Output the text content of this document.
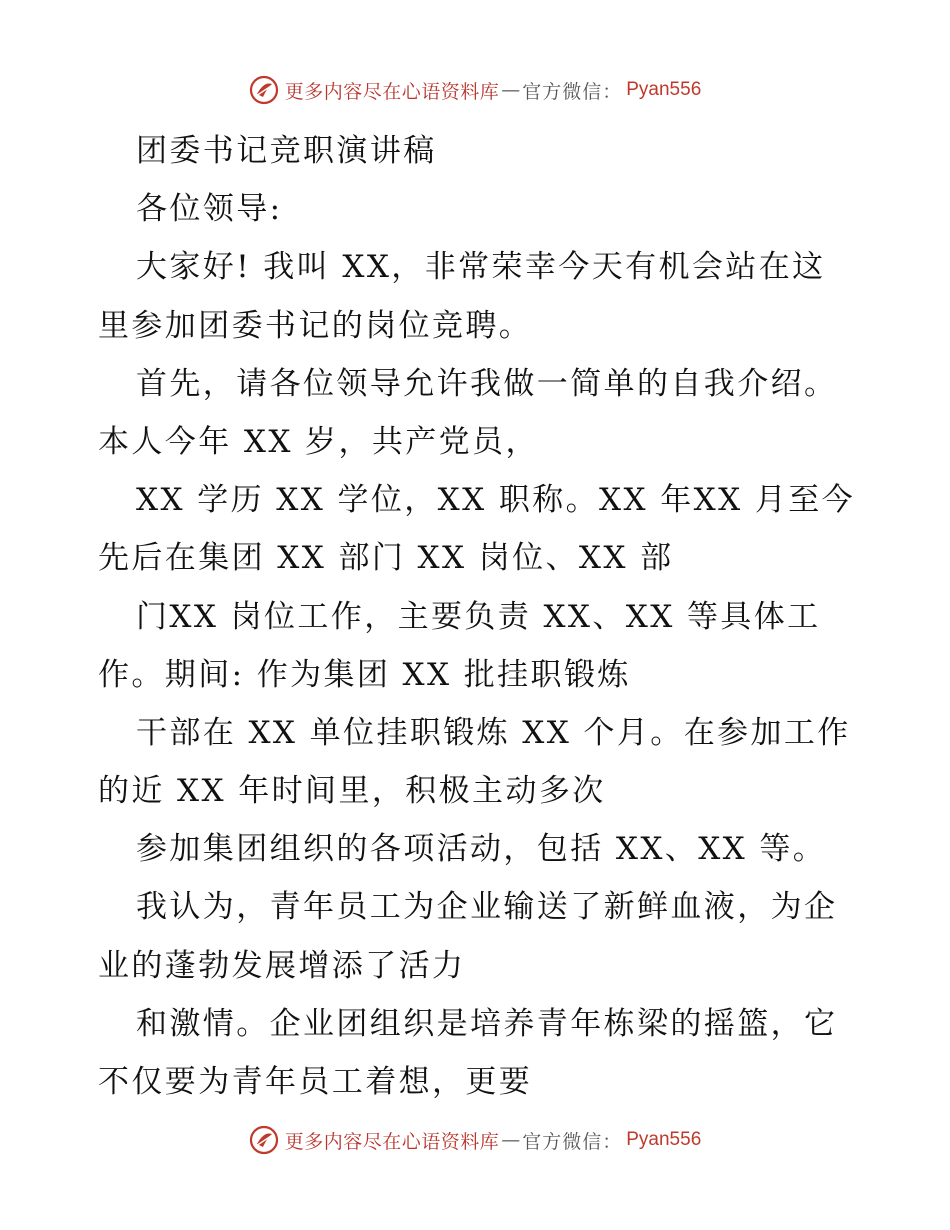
更多内容尽在心语资料库 — 官方微信： Pyan556
团委书记竞职演讲稿
各位领导:
大家好! 我叫 XX，非常荣幸今天有机会站在这
里参加团委书记的岗位竞聘。
首先，请各位领导允许我做一简单的自我介绍。
本人今年 XX 岁，共产党员，
XX 学历 XX 学位，XX 职称。XX 年XX 月至今
先后在集团 XX 部门 XX 岗位、XX 部
门XX 岗位工作，主要负责 XX、XX 等具体工
作。期间: 作为集团 XX 批挂职锻炼
干部在 XX 单位挂职锻炼 XX 个月。在参加工作
的近 XX 年时间里，积极主动多次
参加集团组织的各项活动，包括 XX、XX 等。
我认为，青年员工为企业输送了新鲜血液，为企
业的蓬勃发展增添了活力
和激情。企业团组织是培养青年栋梁的摇篮，它
不仅要为青年员工着想，更要
更多内容尽在心语资料库 — 官方微信： Pyan556
